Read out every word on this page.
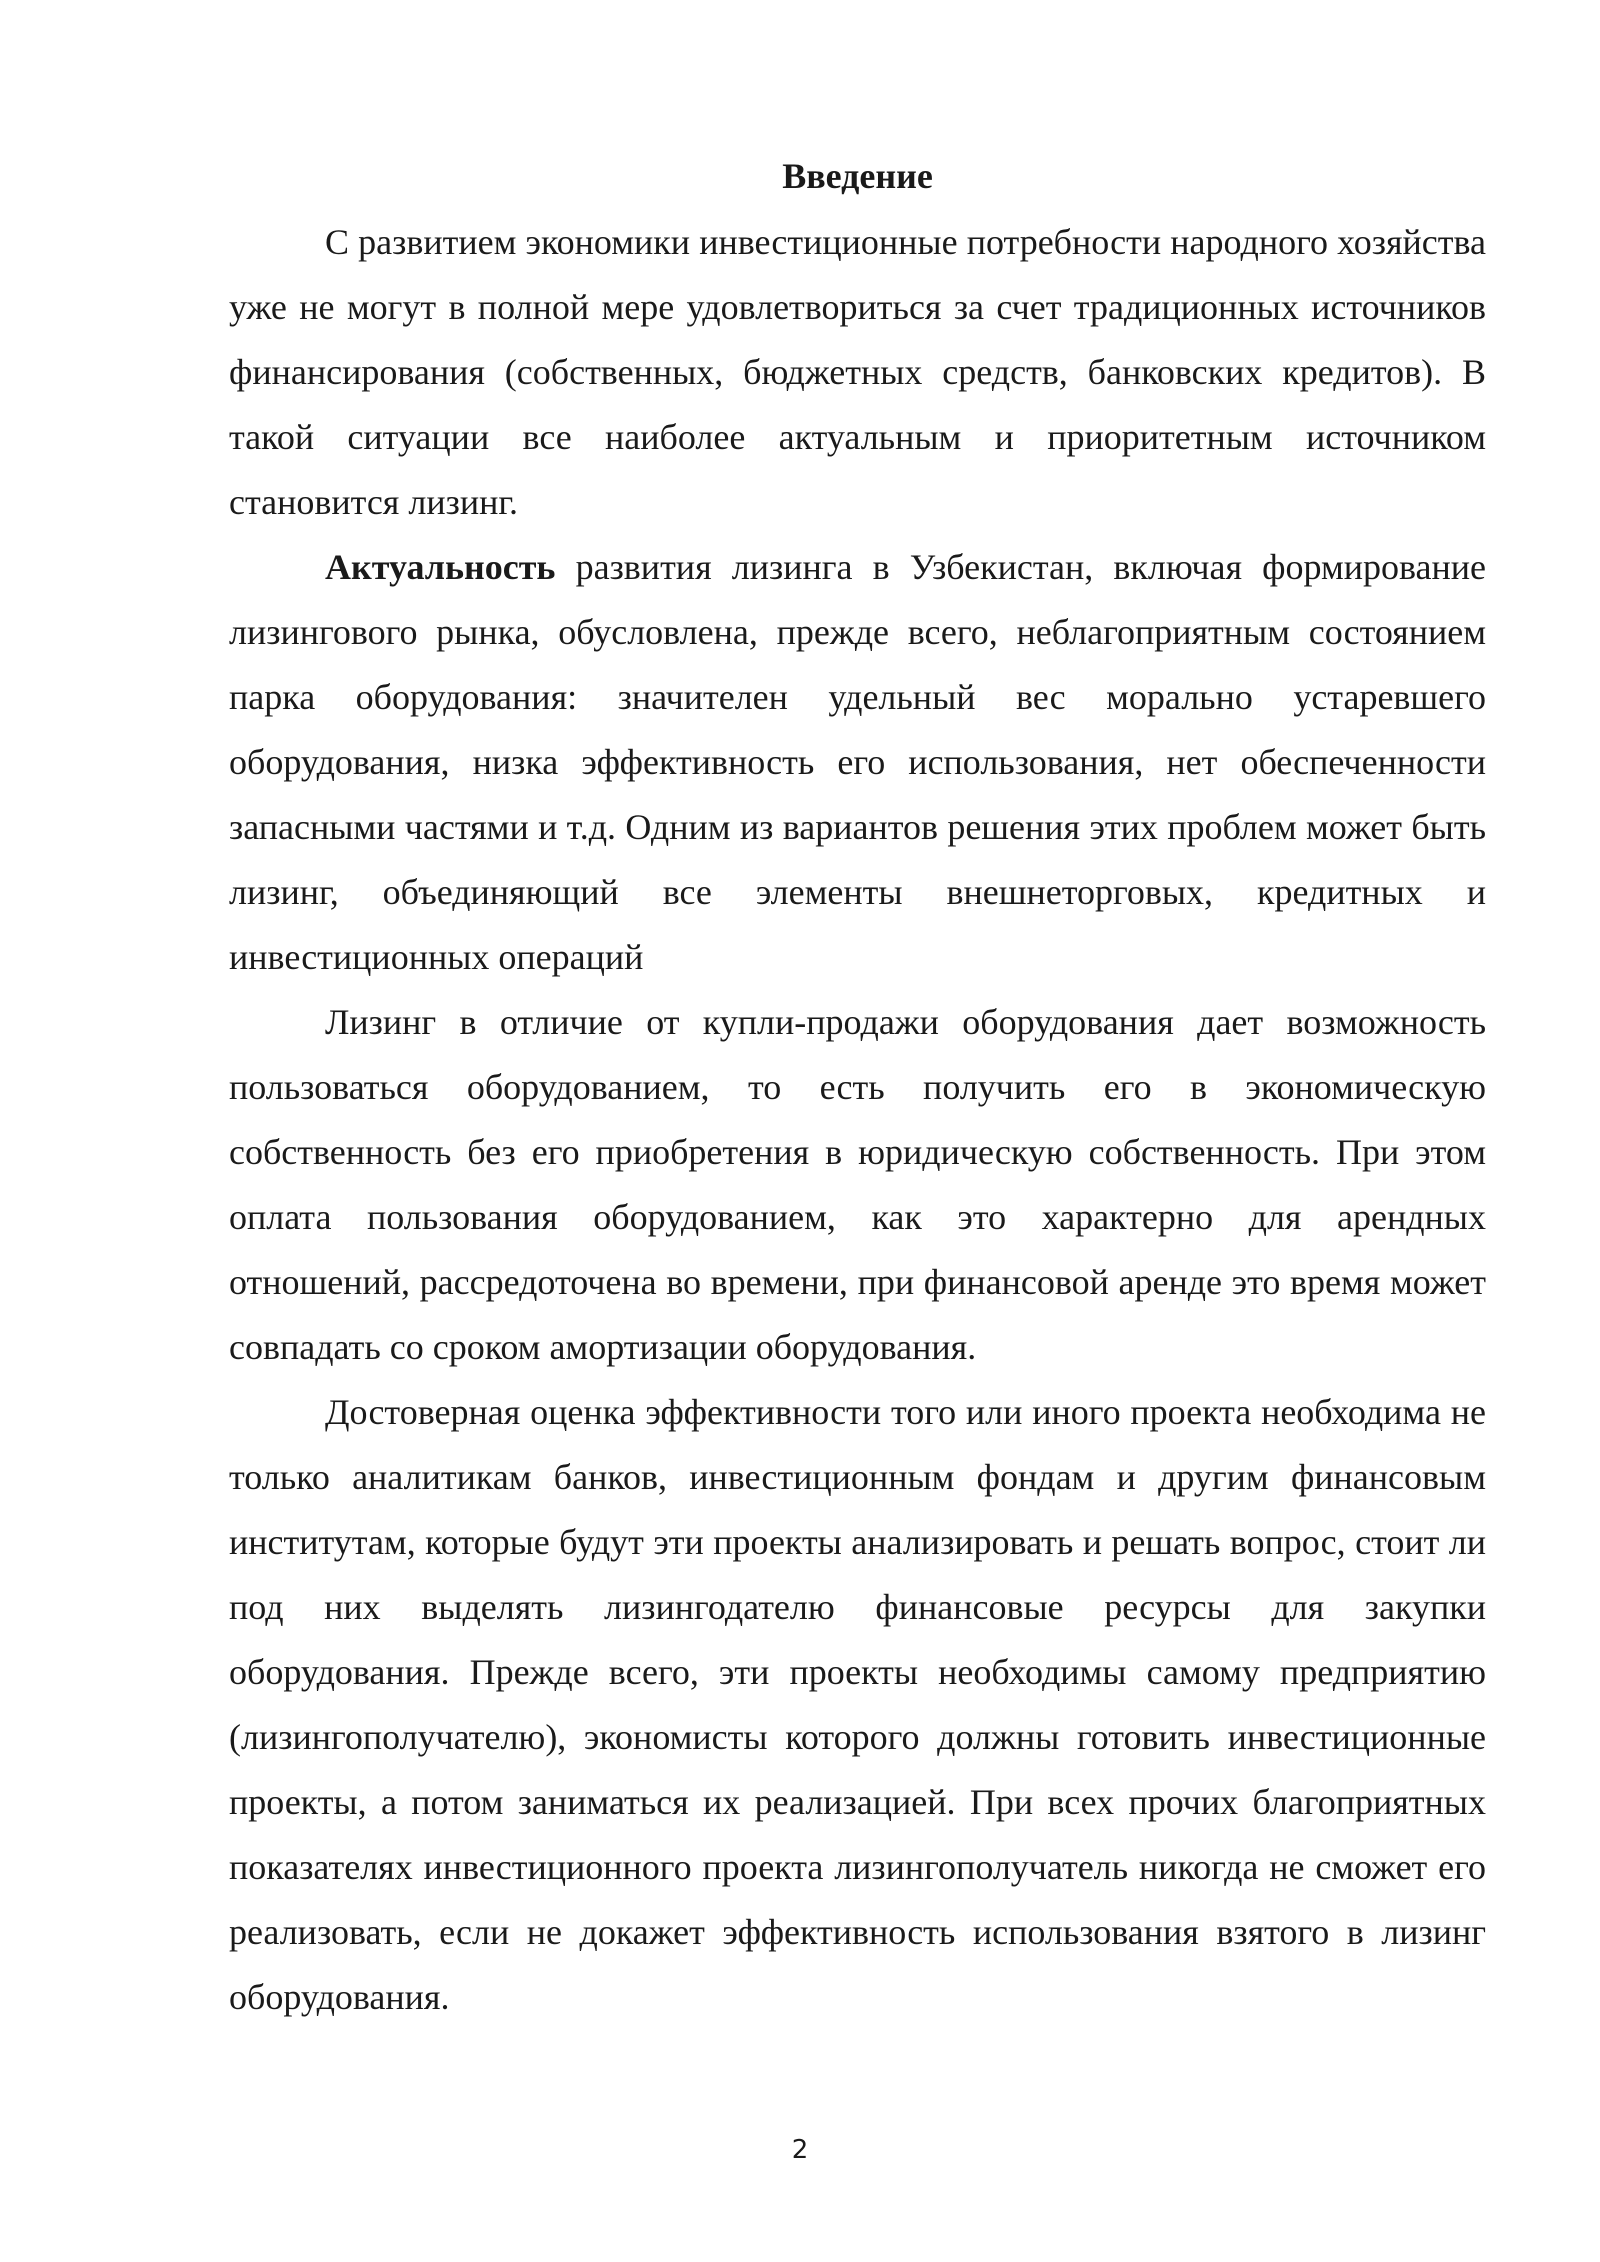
Введение

С развитием экономики инвестиционные потребности народного хозяйства уже не могут в полной мере удовлетвориться за счет традиционных источников финансирования (собственных, бюджетных средств, банковских кредитов). В такой ситуации все наиболее актуальным и приоритетным источником становится лизинг.

Актуальность развития лизинга в Узбекистан, включая формирование лизингового рынка, обусловлена, прежде всего, неблагоприятным состоянием парка оборудования: значителен удельный вес морально устаревшего оборудования, низка эффективность его использования, нет обеспеченности запасными частями и т.д. Одним из вариантов решения этих проблем может быть лизинг, объединяющий все элементы внешнеторговых, кредитных и инвестиционных операций

Лизинг в отличие от купли-продажи оборудования дает возможность пользоваться оборудованием, то есть получить его в экономическую собственность без его приобретения в юридическую собственность. При этом оплата пользования оборудованием, как это характерно для арендных отношений, рассредоточена во времени, при финансовой аренде это время может совпадать со сроком амортизации оборудования.

Достоверная оценка эффективности того или иного проекта необходима не только аналитикам банков, инвестиционным фондам и другим финансовым институтам, которые будут эти проекты анализировать и решать вопрос, стоит ли под них выделять лизингодателю финансовые ресурсы для закупки оборудования. Прежде всего, эти проекты необходимы самому предприятию (лизингополучателю), экономисты которого должны готовить инвестиционные проекты, а потом заниматься их реализацией. При всех прочих благоприятных показателях инвестиционного проекта лизингополучатель никогда не сможет его реализовать, если не докажет эффективность использования взятого в лизинг оборудования.

2
